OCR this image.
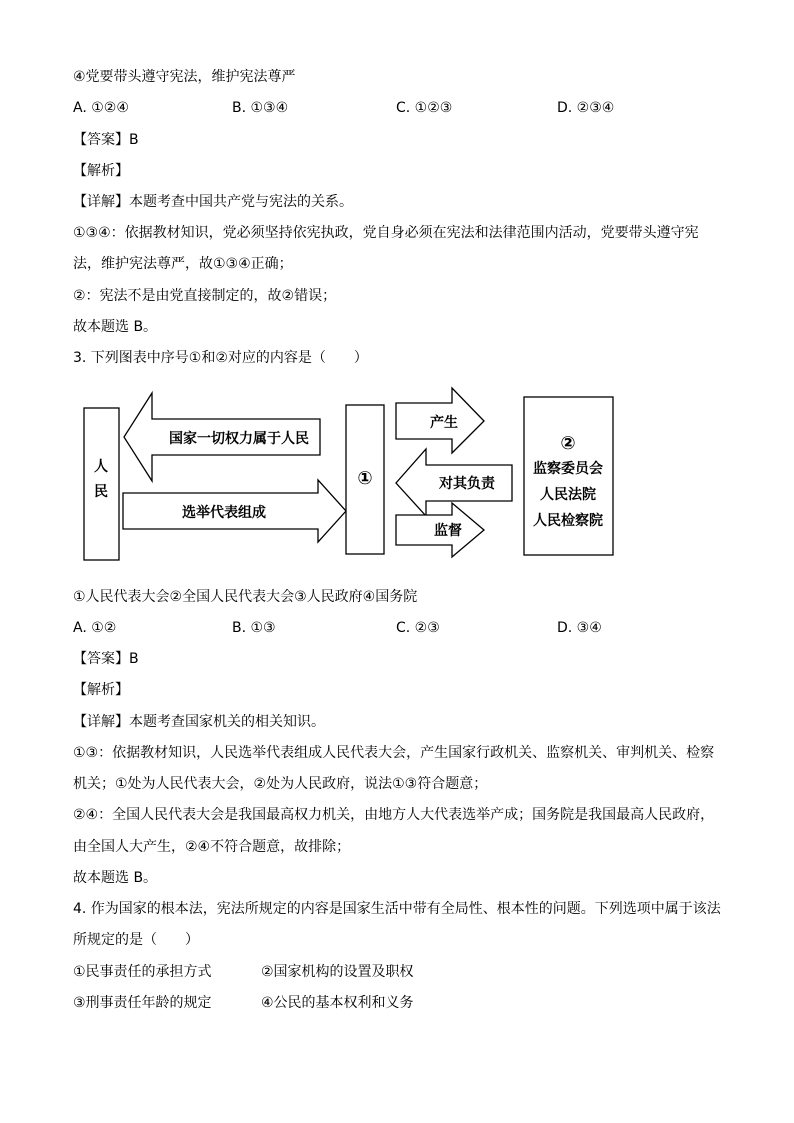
④党要带头遵守宪法，维护宪法尊严
A. ①②④	B. ①③④	C. ①②③	D. ②③④
【答案】B
【解析】
【详解】本题考查中国共产党与宪法的关系。
①③④：依据教材知识，党必须坚持依宪执政，党自身必须在宪法和法律范围内活动，党要带头遵守宪
法，维护宪法尊严，故①③④正确；
②：宪法不是由党直接制定的，故②错误；
故本题选 B。
3. 下列图表中序号①和②对应的内容是（　　）
人
民
国家一切权力属于人民
选举代表组成
①
产生
对其负责
监督
②
监察委员会
人民法院
人民检察院
①人民代表大会②全国人民代表大会③人民政府④国务院
A. ①②	B. ①③	C. ②③	D. ③④
【答案】B
【解析】
【详解】本题考查国家机关的相关知识。
①③：依据教材知识，人民选举代表组成人民代表大会，产生国家行政机关、监察机关、审判机关、检察
机关；①处为人民代表大会，②处为人民政府，说法①③符合题意；
②④：全国人民代表大会是我国最高权力机关，由地方人大代表选举产成；国务院是我国最高人民政府，
由全国人大产生，②④不符合题意，故排除；
故本题选 B。
4. 作为国家的根本法，宪法所规定的内容是国家生活中带有全局性、根本性的问题。下列选项中属于该法
所规定的是（　　）
①民事责任的承担方式	②国家机构的设置及职权
③刑事责任年龄的规定	④公民的基本权利和义务
